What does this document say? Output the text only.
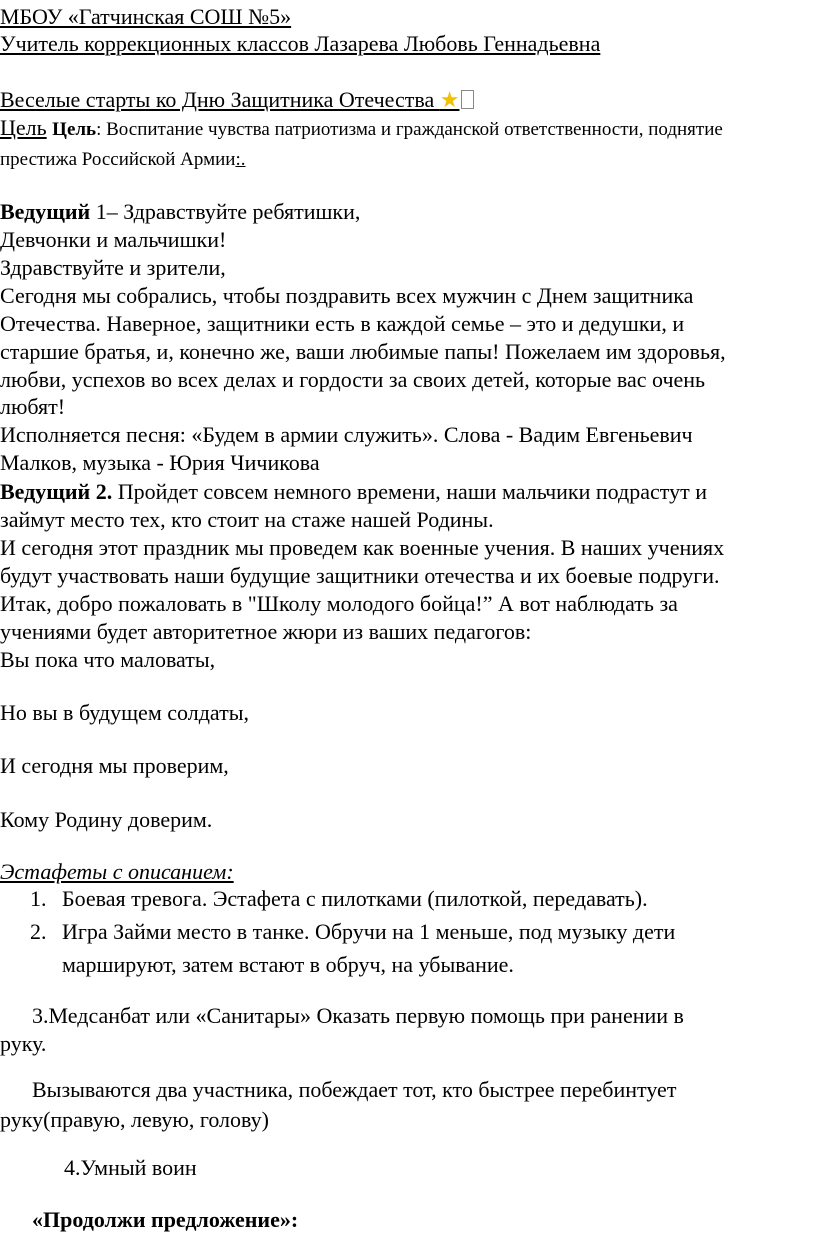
МБОУ «Гатчинская СОШ №5»
Учитель коррекционных классов Лазарева Любовь Геннадьевна
Веселые старты ко Дню Защитника Отечества ★
Цель Цель: Воспитание чувства патриотизма и гражданской ответственности, поднятие
престижа Российской Армии:.
Ведущий 1– Здравствуйте ребятишки,
Девчонки и мальчишки!
Здравствуйте и зрители,
Сегодня мы собрались, чтобы поздравить всех мужчин с Днем защитника
Отечества. Наверное, защитники есть в каждой семье – это и дедушки, и
старшие братья, и, конечно же, ваши любимые папы! Пожелаем им здоровья,
любви, успехов во всех делах и гордости за своих детей, которые вас очень
любят!
Исполняется песня: «Будем в армии служить». Слова - Вадим Евгеньевич
Малков, музыка - Юрия Чичикова
Ведущий 2. Пройдет совсем немного времени, наши мальчики подрастут и
займут место тех, кто стоит на стаже нашей Родины.
И сегодня этот праздник мы проведем как военные учения. В наших учениях
будут участвовать наши будущие защитники отечества и их боевые подруги.
Итак, добро пожаловать в "Школу молодого бойца!” А вот наблюдать за
учениями будет авторитетное жюри из ваших педагогов:
Вы пока что маловаты,
Но вы в будущем солдаты,
И сегодня мы проверим,
Кому Родину доверим.
Эстафеты с описанием:
1. Боевая тревога. Эстафета с пилотками (пилоткой, передавать).
2. Игра Займи место в танке. Обручи на 1 меньше, под музыку дети
маршируют, затем встают в обруч, на убывание.
3.Медсанбат или «Санитары» Оказать первую помощь при ранении в
руку.
Вызываются два участника, побеждает тот, кто быстрее перебинтует
руку(правую, левую, голову)
4.Умный воин
«Продолжи предложение»:
